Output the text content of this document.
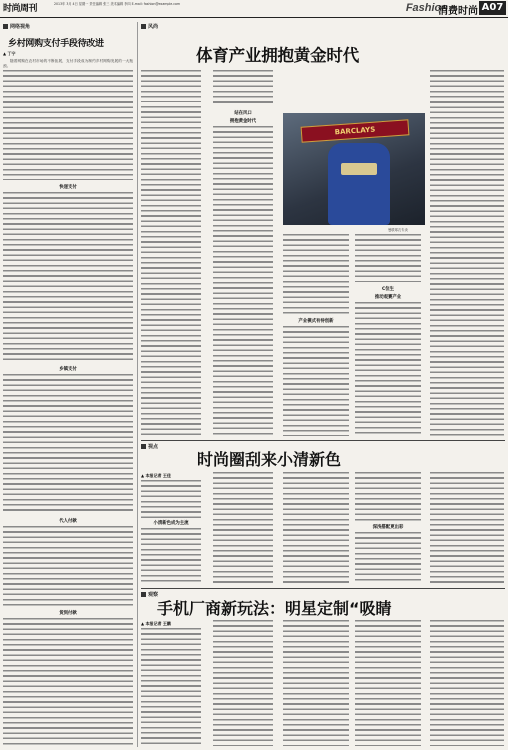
时尚周刊	2013年 3月 4日 星期一 责任编辑 张三 美术编辑 李四 E-mail: fashion@example.com	Fashion
消费时尚 A07
网络视角
乡村网购支付手段待改进
▲ 丁宁
随着网购在农村市场的不断拓展，支付手段成为制约乡村网购发展的一大瓶颈。
快递支付
乡镇支付
代人付款
货到付款
风尚
体育产业拥抱黄金时代
站在风口
拥抱黄金时代
BARCLAYS
曼联球衣专卖
产业模式有待创新
C位生
推动观赛产业
视点
时尚圈刮来小清新色
▲ 本报记者 王佳
小清新色成为主流
深浅搭配更出彩
观察
手机厂商新玩法：明星定制“吸睛
▲ 本报记者 王鹏
